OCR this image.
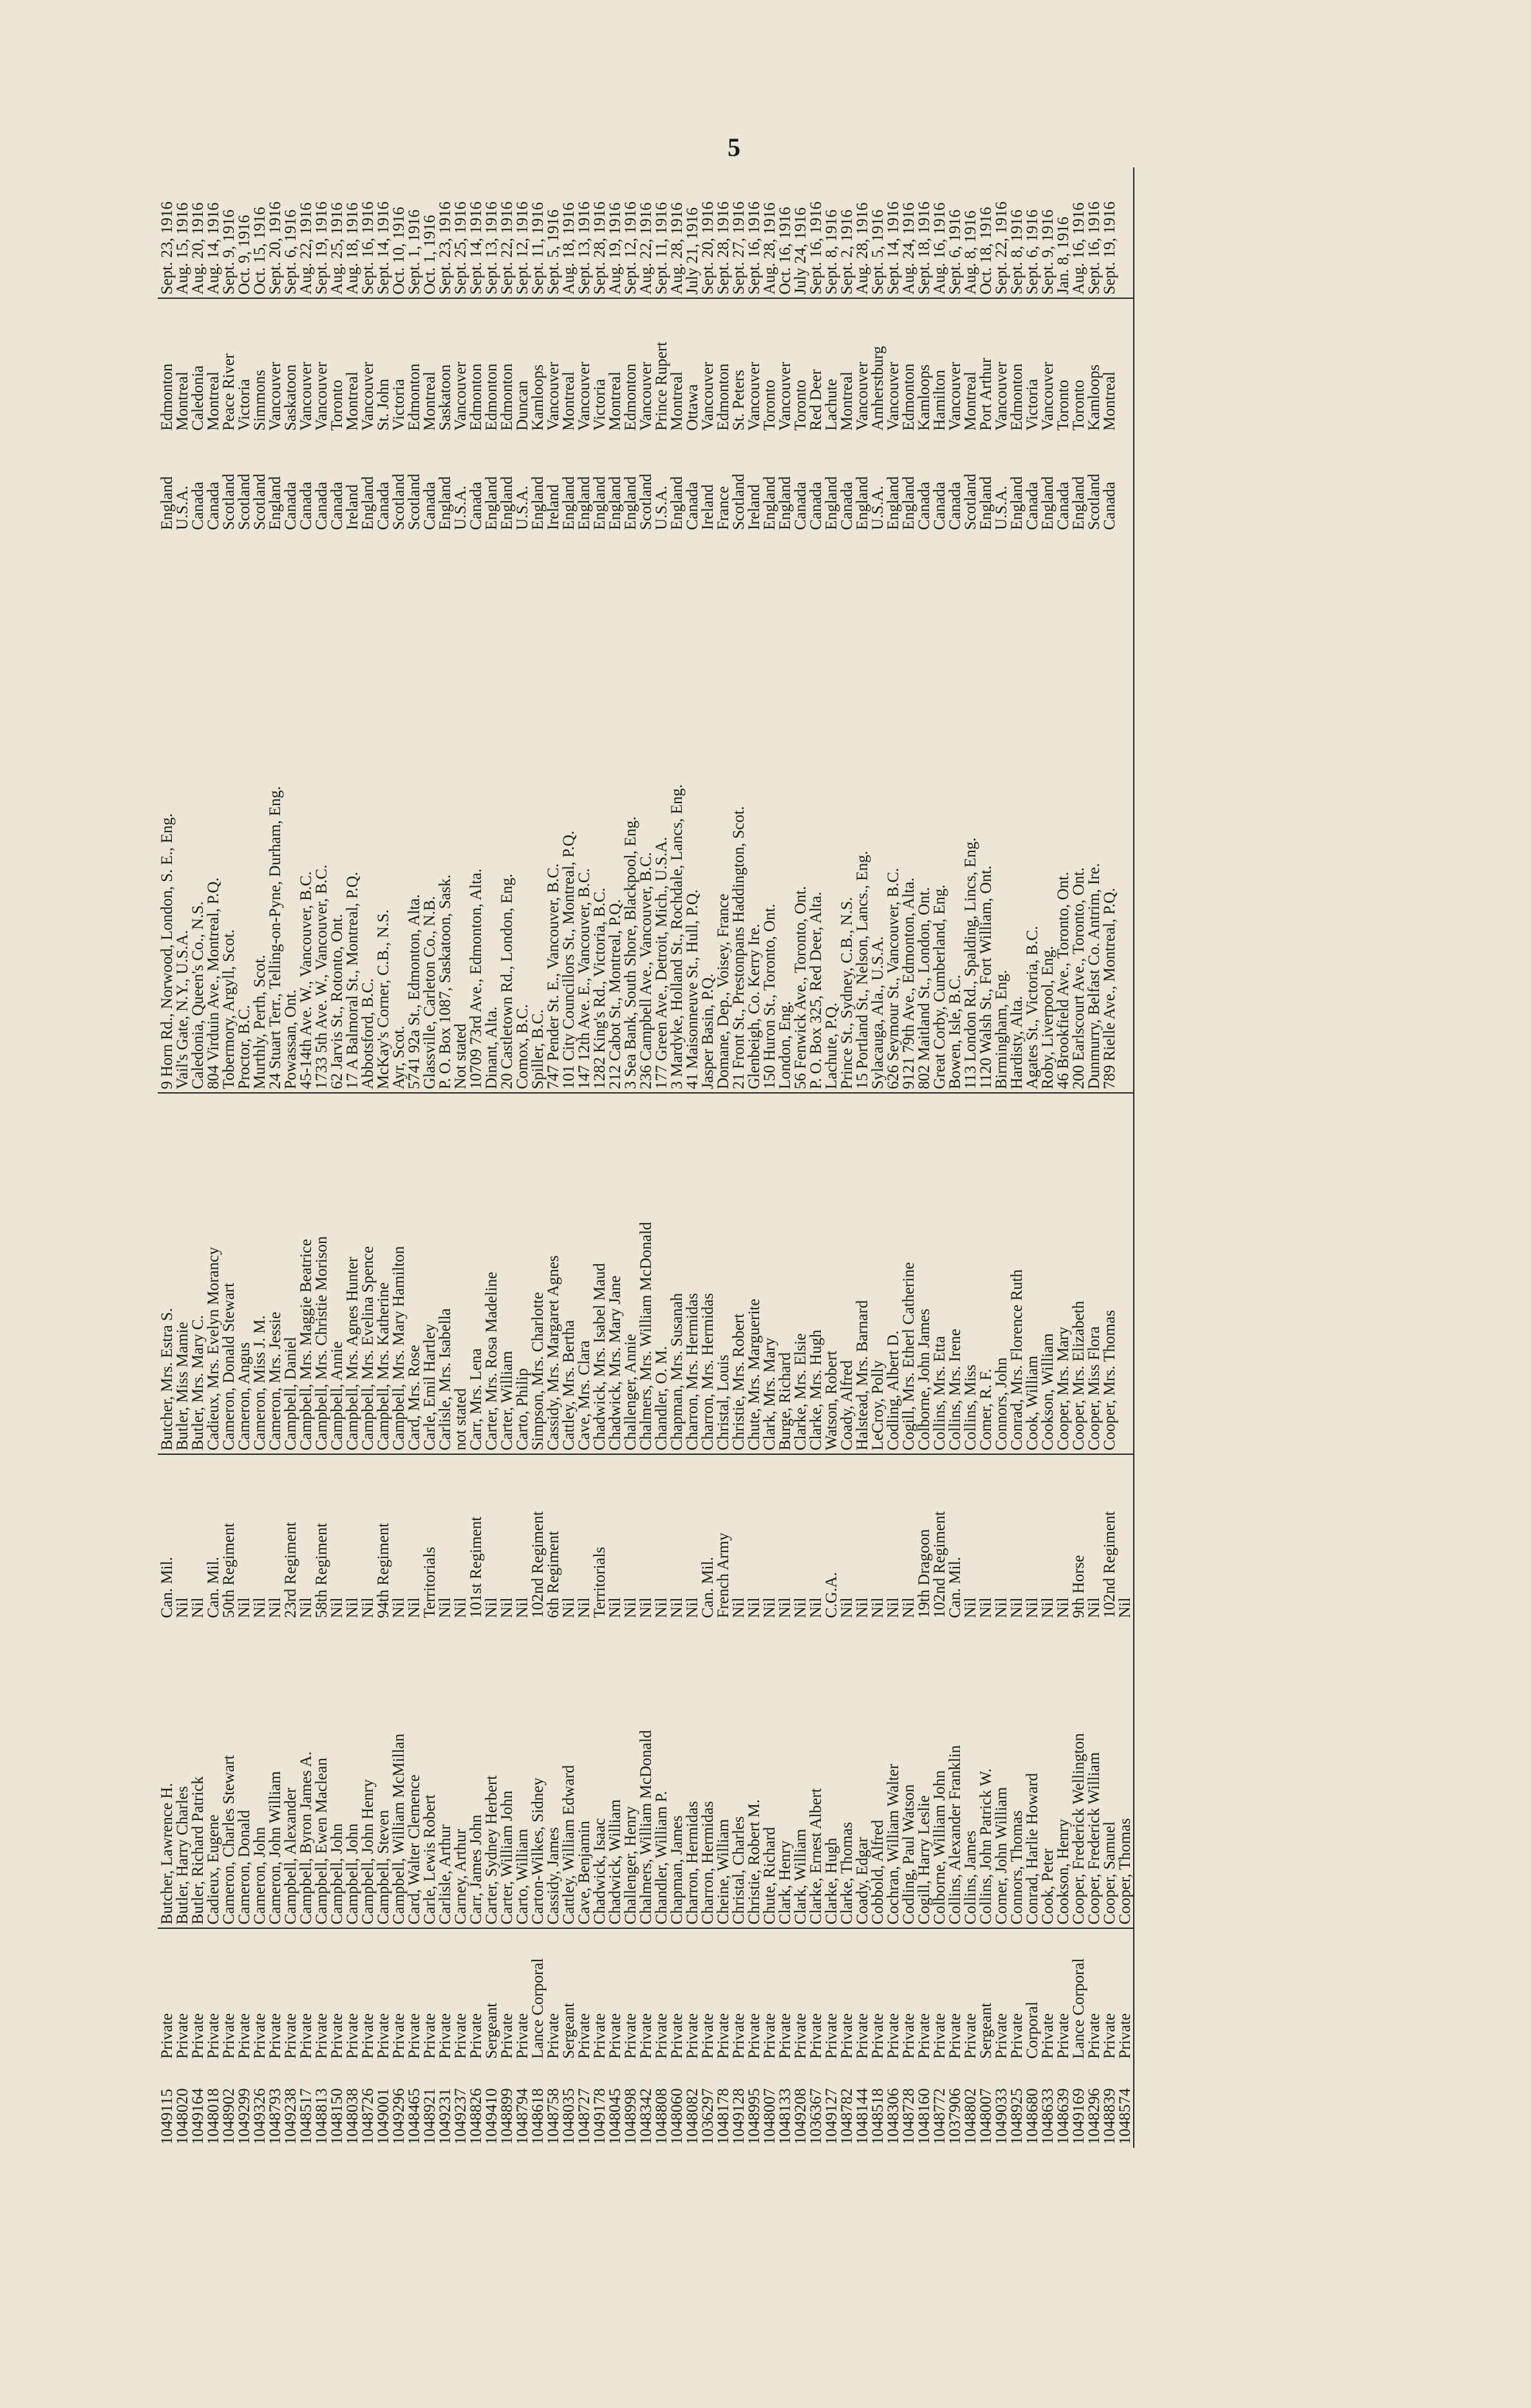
5
1049115	Private	Butcher, Lawrence H.	Can. Mil.	Butcher, Mrs. Estra S.	9 Horn Rd., Norwood, London, S. E., Eng.	England	Edmonton	Sept. 23, 1916
1048020	Private	Butler, Harry Charles	Nil	Butler, Miss Mamie	Vail's Gate, N.Y., U.S.A.	U.S.A.	Montreal	Aug. 15, 1916
1049164	Private	Butler, Richard Patrick	Nil	Butler, Mrs. Mary C.	Caledonia, Queen's Co., N.S.	Canada	Caledonia	Aug. 20, 1916
1048018	Private	Cadieux, Eugene	Can. Mil.	Cadieux, Mrs. Evelyn Morancy	804 Virduin Ave., Montreal, P.Q.	Canada	Montreal	Aug. 14, 1916
1048902	Private	Cameron, Charles Stewart	50th Regiment	Cameron, Donald Stewart	Tobermory, Argyll, Scot.	Scotland	Peace River	Sept. 9, 1916
1049299	Private	Cameron, Donald	Nil	Cameron, Angus	Proctor, B.C.	Scotland	Victoria	Oct. 9, 1916
1049326	Private	Cameron, John	Nil	Cameron, Miss J. M.	Murthly, Perth, Scot.	Scotland	Simmons	Oct. 15, 1916
1048793	Private	Cameron, John William	Nil	Cameron, Mrs. Jessie	24 Stuart Terr., Telling-on-Pyne, Durham, Eng.	England	Vancouver	Sept. 20, 1916
1049238	Private	Campbell, Alexander	23rd Regiment	Campbell, Daniel	Powassan, Ont.	Canada	Saskatoon	Sept. 6, 1916
1048517	Private	Campbell, Byron James A.	Nil	Campbell, Mrs. Maggie Beatrice	45-14th Ave. W., Vancouver, B.C.	Canada	Vancouver	Aug. 22, 1916
1048813	Private	Campbell, Ewen Maclean	58th Regiment	Campbell, Mrs. Christie Morison	1733 5th Ave. W., Vancouver, B.C.	Canada	Vancouver	Sept. 19, 1916
1048150	Private	Campbell, John	Nil	Campbell, Annie	62 Jarvis St., Rotonto, Ont.	Canada	Toronto	Aug. 25, 1916
1048038	Private	Campbell, John	Nil	Campbell, Mrs. Agnes Hunter	17 A Balmoral St., Montreal, P.Q.	Ireland	Montreal	Aug. 18, 1916
1048726	Private	Campbell, John Henry	Nil	Campbell, Mrs. Evelina Spence	Abbotsford, B.C.	England	Vancouver	Sept. 16, 1916
1049001	Private	Campbell, Steven	94th Regiment	Campbell, Mrs. Katherine	McKay's Corner, C.B., N.S.	Canada	St. John	Sept. 14, 1916
1049296	Private	Campbell, William McMillan	Nil	Campbell, Mrs. Mary Hamilton	Ayr, Scot.	Scotland	Victoria	Oct. 10, 1916
1048465	Private	Card, Walter Clemence	Nil	Card, Mrs. Rose	5741 92a St., Edmonton, Alta.	Scotland	Edmonton	Sept. 1, 1916
1048921	Private	Carle, Lewis Robert	Territorials	Carle, Emil Hartley	Glassville, Carleton Co., N.B.	Canada	Montreal	Oct. 1, 1916
1049231	Private	Carlisle, Arthur	Nil	Carlisle, Mrs. Isabella	P. O. Box 1087, Saskatoon, Sask.	England	Saskatoon	Sept. 23, 1916
1049237	Private	Carney, Arthur	Nil	not stated	Not stated	U.S.A.	Vancouver	Sept. 25, 1916
1048826	Private	Carr, James John	101st Regiment	Carr, Mrs. Lena	10709 73rd Ave., Edmonton, Alta.	Canada	Edmonton	Sept. 14, 1916
1049410	Sergeant	Carter, Sydney Herbert	Nil	Carter, Mrs. Rosa Madeline	Dinant, Alta.	England	Edmonton	Sept. 13, 1916
1048899	Private	Carter, William John	Nil	Carter, William	20 Castletown Rd., London, Eng.	England	Edmonton	Sept. 22, 1916
1048794	Private	Carto, William	Nil	Carto, Philip	Comox, B.C.	U.S.A.	Duncan	Sept. 12, 1916
1048618	Lance Corporal	Carton-Wilkes, Sidney	102nd Regiment	Simpson, Mrs. Charlotte	Spiller, B.C.	England	Kamloops	Sept. 11, 1916
1048758	Private	Cassidy, James	6th Regiment	Cassidy, Mrs. Margaret Agnes	747 Pender St. E., Vancouver, B.C.	Ireland	Vancouver	Sept. 5, 1916
1048035	Sergeant	Cattley, William Edward	Nil	Cattley, Mrs. Bertha	101 City Councillors St., Montreal, P.Q.	England	Montreal	Aug. 18, 1916
1048727	Private	Cave, Benjamin	Nil	Cave, Mrs. Clara	147 12th Ave. E., Vancouver, B.C.	England	Vancouver	Sept. 13, 1916
1049178	Private	Chadwick, Isaac	Territorials	Chadwick, Mrs. Isabel Maud	1282 King's Rd., Victoria, B.C.	England	Victoria	Sept. 28, 1916
1048045	Private	Chadwick, William	Nil	Chadwick, Mrs. Mary Jane	212 Cabot St., Montreal, P.Q.	England	Montreal	Aug. 19, 1916
1048998	Private	Challenger, Henry	Nil	Challenger, Annie	3 Sea Bank, South Shore, Blackpool, Eng.	England	Edmonton	Sept. 12, 1916
1048342	Private	Chalmers, William McDonald	Nil	Chalmers, Mrs. William McDonald	236 Campbell Ave., Vancouver, B.C.	Scotland	Vancouver	Aug. 22, 1916
1048808	Private	Chandler, William P.	Nil	Chandler, O. M.	177 Green Ave., Detroit, Mich., U.S.A.	U.S.A.	Prince Rupert	Sept. 11, 1916
1048060	Private	Chapman, James	Nil	Chapman, Mrs. Susanah	3 Mardyke, Holland St., Rochdale, Lancs, Eng.	England	Montreal	Aug. 28, 1916
1048082	Private	Charron, Hermidas	Nil	Charron, Mrs. Hermidas	41 Maisonneuve St., Hull, P.Q.	Canada	Ottawa	July 21, 1916
1036297	Private	Charron, Hermidas	Can. Mil.	Charron, Mrs. Hermidas	Jasper Basin, P.Q.	Ireland	Vancouver	Sept. 20, 1916
1048178	Private	Cheine, William	French Army	Christal, Louis	Domane, Dep., Voisey, France	France	Edmonton	Sept. 28, 1916
1049128	Private	Christal, Charles	Nil	Christie, Mrs. Robert	21 Front St., Prestonpans Haddington, Scot.	Scotland	St. Peters	Sept. 27, 1916
1048995	Private	Christie, Robert M.	Nil	Chute, Mrs. Marguerite	Glenbeigh, Co. Kerry Ire.	Ireland	Vancouver	Sept. 16, 1916
1048007	Private	Chute, Richard	Nil	Clark, Mrs. Mary	150 Huron St., Toronto, Ont.	England	Toronto	Aug. 28, 1916
1048133	Private	Clark, Henry	Nil	Burge, Richard	London, Eng.	England	Vancouver	Oct. 16, 1916
1049208	Private	Clark, William	Nil	Clarke, Mrs. Elsie	56 Fenwick Ave., Toronto, Ont.	Canada	Toronto	July 24, 1916
1036367	Private	Clarke, Ernest Albert	Nil	Clarke, Mrs. Hugh	P. O. Box 325, Red Deer, Alta.	Canada	Red Deer	Sept. 16, 1916
1049127	Private	Clarke, Hugh	C.G.A.	Watson, Robert	Lachute, P.Q.	England	Lachute	Sept. 8, 1916
1048782	Private	Clarke, Thomas	Nil	Coady, Alfred	Prince St., Sydney, C.B., N.S.	Canada	Montreal	Sept. 2, 1916
1048144	Private	Coady, Edgar	Nil	Halstead, Mrs. Barnard	15 Portland St., Nelson, Lancs., Eng.	England	Vancouver	Aug. 28, 1916
1048518	Private	Cobbold, Alfred	Nil	LeCroy, Polly	Sylacauga, Ala., U.S.A.	U.S.A.	Amherstburg	Sept. 5, 1916
1048306	Private	Cochran, William Walter	Nil	Codling, Albert D.	626 Seymour St., Vancouver, B.C.	England	Vancouver	Sept. 14, 1916
1048728	Private	Codling, Paul Watson	Nil	Cogill, Mrs. Etherl Catherine	9121 79th Ave., Edmonton, Alta.	England	Edmonton	Aug. 24, 1916
1048160	Private	Cogill, Harry Leslie	19th Dragoon	Colborne, John James	802 Maitland St., London, Ont.	Canada	Kamloops	Sept. 18, 1916
1048772	Private	Colborne, William John	102nd Regiment	Collins, Mrs. Etta	Great Corby, Cumberland, Eng.	Canada	Hamilton	Aug. 16, 1916
1037906	Private	Collins, Alexander Franklin	Can. Mil.	Collins, Mrs. Irene	Bowen, Isle, B.C.	Canada	Vancouver	Sept. 6, 1916
1048802	Private	Collins, James	Nil	Collins, Miss	113 London Rd., Spalding, Lincs, Eng.	Scotland	Montreal	Aug. 8, 1916
1048007	Sergeant	Collins, John Patrick W.	Nil	Comer, R. F.	1120 Walsh St., Fort William, Ont.	England	Port Arthur	Oct. 18, 1916
1049033	Private	Comer, John William	Nil	Connors, John	Birmingham, Eng.	U.S.A.	Vancouver	Sept. 22, 1916
1048925	Private	Connors, Thomas	Nil	Conrad, Mrs. Florence Ruth	Hardisty, Alta.	England	Edmonton	Sept. 8, 1916
1048680	Corporal	Conrad, Harlie Howard	Nil	Cook, William	Agates St., Victoria, B.C.	Canada	Victoria	Sept. 6, 1916
1048633	Private	Cook, Peter	Nil	Cookson, William	Roby, Liverpool, Eng.	England	Vancouver	Sept. 9, 1916
1048639	Private	Cookson, Henry	Nil	Cooper, Mrs. Mary	46 Brookfield Ave., Toronto, Ont.	Canada	Toronto	Jan. 8, 1916
1049169	Lance Corporal	Cooper, Frederick Wellington	9th Horse	Cooper, Mrs. Elizabeth	200 Earlscourt Ave., Toronto, Ont.	England	Toronto	Aug. 16, 1916
1048296	Private	Cooper, Frederick William	Nil	Cooper, Miss Flora	Dunmurry, Belfast Co. Antrim, Ire.	Scotland	Kamloops	Sept. 16, 1916
1048839	Private	Cooper, Samuel	102nd Regiment	Cooper, Mrs. Thomas	789 Rielle Ave., Montreal, P.Q.	Canada	Montreal	Sept. 19, 1916
1048574	Private	Cooper, Thomas	Nil					
